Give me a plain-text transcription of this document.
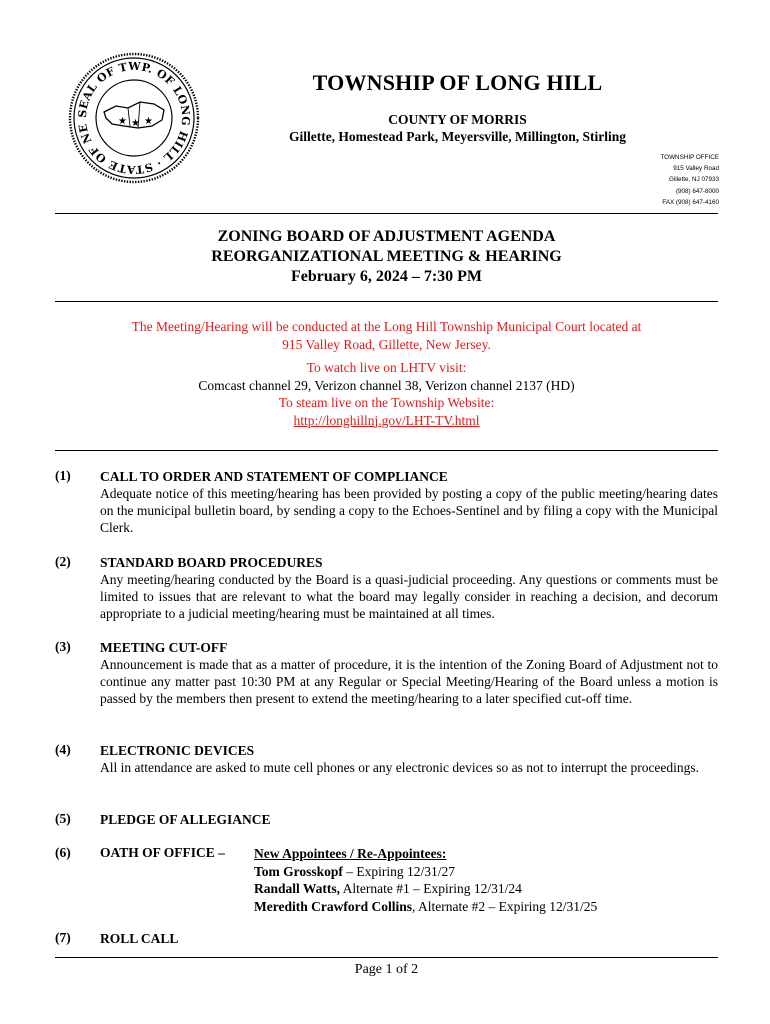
SEAL OF TWP. OF LONG HILL · STATE OF NE
★ ★ ★
TOWNSHIP OF LONG HILL
COUNTY OF MORRIS
Gillette, Homestead Park, Meyersville, Millington, Stirling
TOWNSHIP OFFICE
915 Valley Road
Gillette, NJ 07933
(908) 647-8000
FAX (908) 647-4160
ZONING BOARD OF ADJUSTMENT AGENDA
REORGANIZATIONAL MEETING & HEARING
February 6, 2024 – 7:30 PM
The Meeting/Hearing will be conducted at the Long Hill Township Municipal Court located at
915 Valley Road, Gillette, New Jersey.
To watch live on LHTV visit:
Comcast channel 29, Verizon channel 38, Verizon channel 2137 (HD)
To steam live on the Township Website:
http://longhillnj.gov/LHT-TV.html
(1) CALL TO ORDER AND STATEMENT OF COMPLIANCE
Adequate notice of this meeting/hearing has been provided by posting a copy of the public meeting/hearing dates on the municipal bulletin board, by sending a copy to the Echoes-Sentinel and by filing a copy with the Municipal Clerk.
(2) STANDARD BOARD PROCEDURES
Any meeting/hearing conducted by the Board is a quasi-judicial proceeding. Any questions or comments must be limited to issues that are relevant to what the board may legally consider in reaching a decision, and decorum appropriate to a judicial meeting/hearing must be maintained at all times.
(3) MEETING CUT-OFF
Announcement is made that as a matter of procedure, it is the intention of the Zoning Board of Adjustment not to continue any matter past 10:30 PM at any Regular or Special Meeting/Hearing of the Board unless a motion is passed by the members then present to extend the meeting/hearing to a later specified cut-off time.
(4) ELECTRONIC DEVICES
All in attendance are asked to mute cell phones or any electronic devices so as not to interrupt the proceedings.
(5) PLEDGE OF ALLEGIANCE
(6) OATH OF OFFICE – New Appointees / Re-Appointees:
Tom Grosskopf – Expiring 12/31/27
Randall Watts, Alternate #1 – Expiring 12/31/24
Meredith Crawford Collins, Alternate #2 – Expiring 12/31/25
(7) ROLL CALL
Page 1 of 2
